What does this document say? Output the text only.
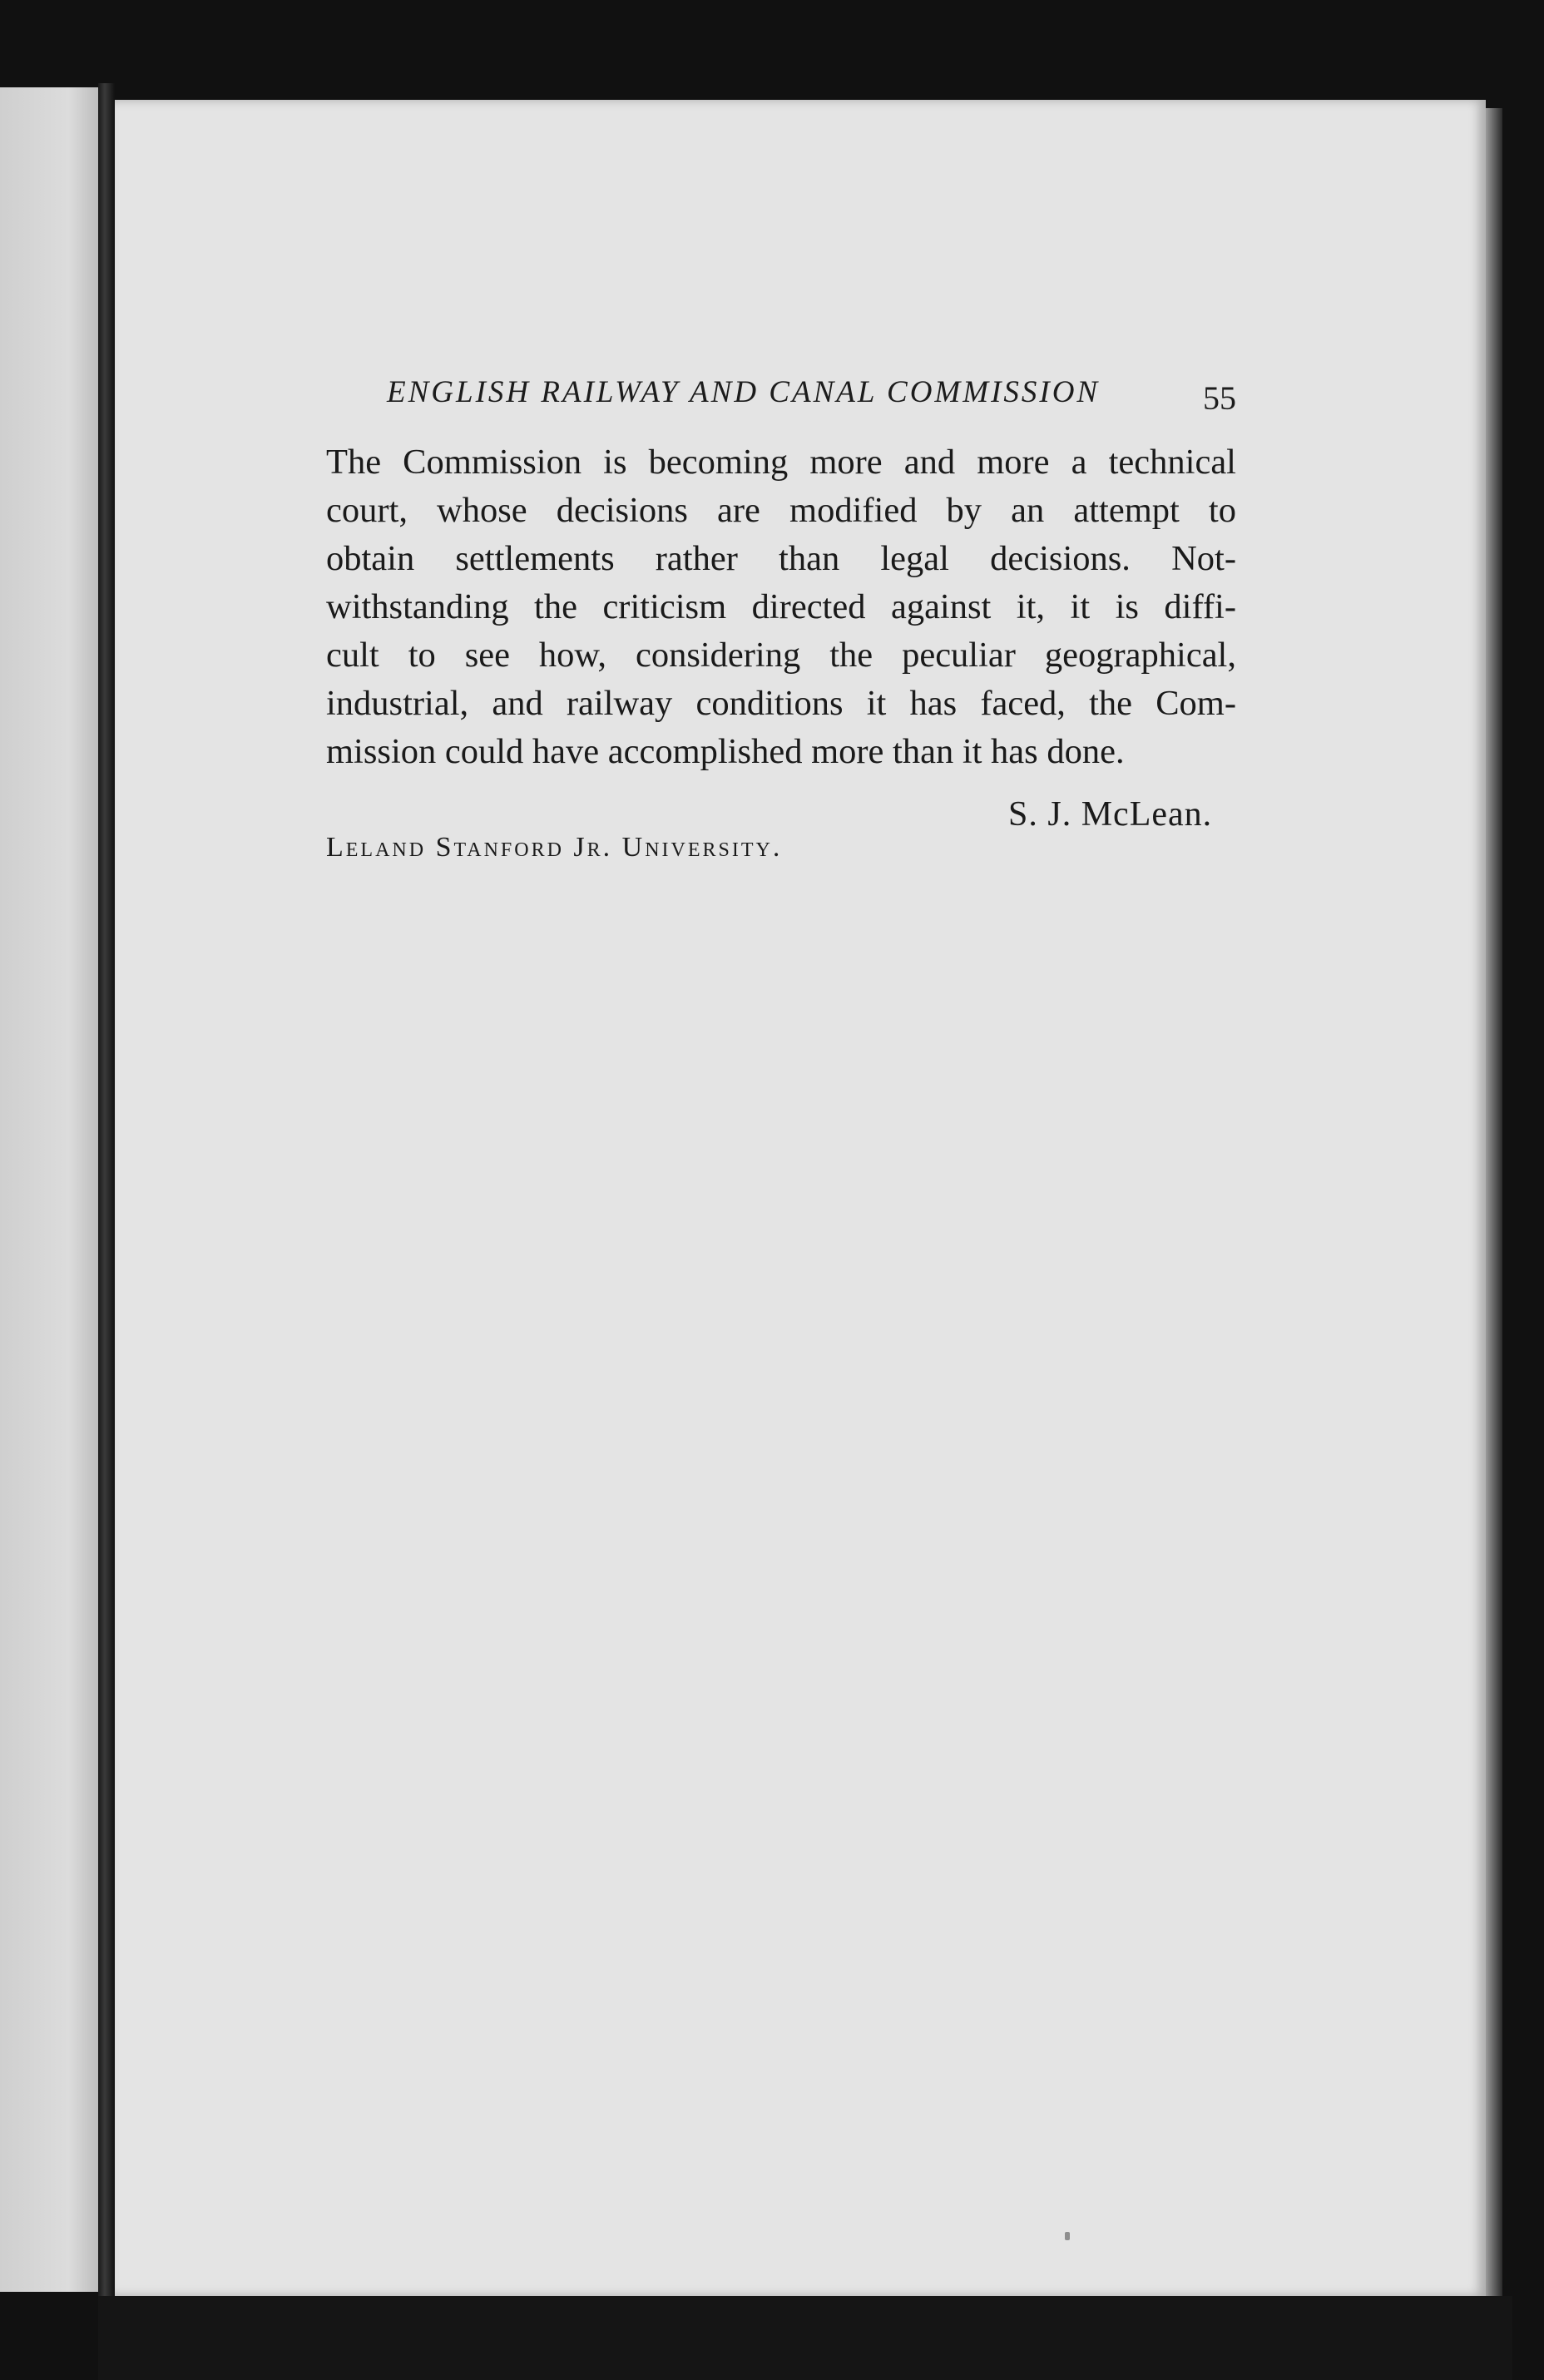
ENGLISH RAILWAY AND CANAL COMMISSION	55

The Commission is becoming more and more a technical
court, whose decisions are modified by an attempt to
obtain settlements rather than legal decisions. Not-
withstanding the criticism directed against it, it is diffi-
cult to see how, considering the peculiar geographical,
industrial, and railway conditions it has faced, the Com-
mission could have accomplished more than it has done.

S. J. McLean.
Leland Stanford Jr. University.
